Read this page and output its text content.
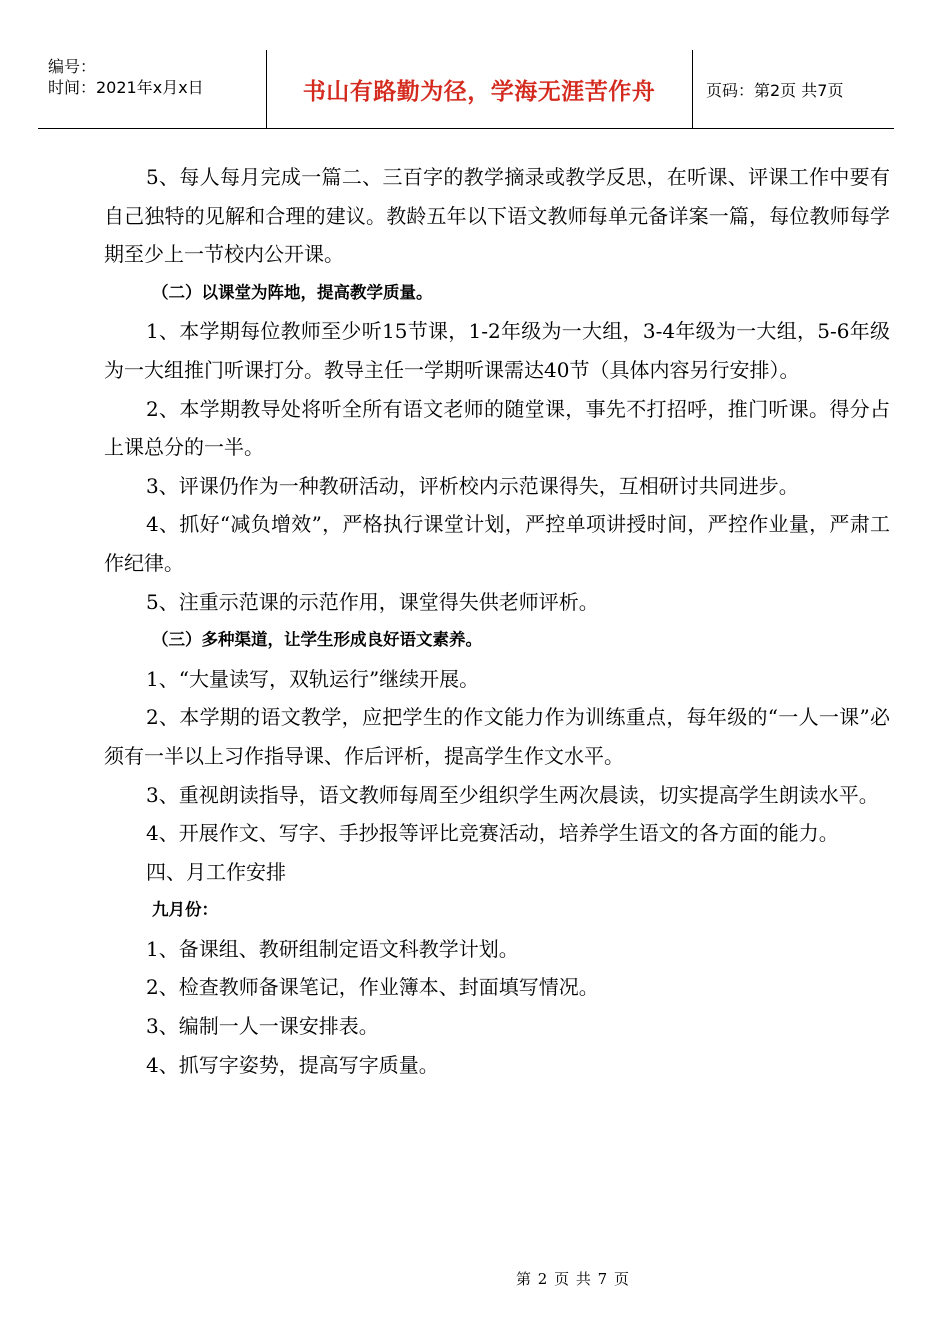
编号：
时间：2021年x月x日	书山有路勤为径，学海无涯苦作舟	页码：第2页 共7页

5、每人每月完成一篇二、三百字的教学摘录或教学反思，在听课、评课工作中要有自己独特的见解和合理的建议。教龄五年以下语文教师每单元备详案一篇，每位教师每学期至少上一节校内公开课。

（二）以课堂为阵地，提高教学质量。

1、本学期每位教师至少听15节课，1-2年级为一大组，3-4年级为一大组，5-6年级为一大组推门听课打分。教导主任一学期听课需达40节（具体内容另行安排）。

2、本学期教导处将听全所有语文老师的随堂课，事先不打招呼，推门听课。得分占上课总分的一半。

3、评课仍作为一种教研活动，评析校内示范课得失，互相研讨共同进步。

4、抓好“减负增效”，严格执行课堂计划，严控单项讲授时间，严控作业量，严肃工作纪律。

5、注重示范课的示范作用，课堂得失供老师评析。

（三）多种渠道，让学生形成良好语文素养。

1、“大量读写，双轨运行”继续开展。

2、本学期的语文教学，应把学生的作文能力作为训练重点，每年级的“一人一课”必须有一半以上习作指导课、作后评析，提高学生作文水平。

3、重视朗读指导，语文教师每周至少组织学生两次晨读，切实提高学生朗读水平。

4、开展作文、写字、手抄报等评比竞赛活动，培养学生语文的各方面的能力。

四、月工作安排

九月份：

1、备课组、教研组制定语文科教学计划。

2、检查教师备课笔记，作业簿本、封面填写情况。

3、编制一人一课安排表。

4、抓写字姿势，提高写字质量。

第 2 页 共 7 页
